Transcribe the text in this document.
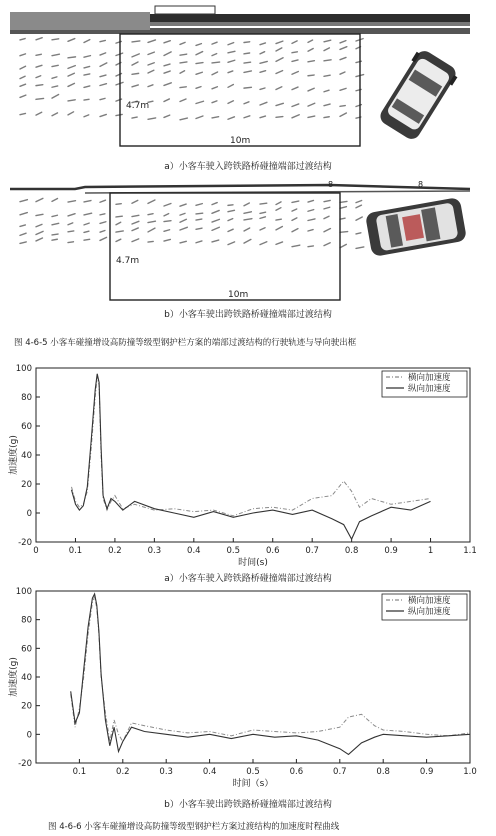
4.7m
10m
a）小客车驶入跨铁路桥碰撞端部过渡结构
8	8
4.7m
10m
b）小客车驶出跨铁路桥碰撞端部过渡结构
图 4-6-5 小客车碰撞增设高防撞等级型钢护栏方案的端部过渡结构的行驶轨迹与导向驶出框
0	0.1	0.2	0.3	0.4	0.5	0.6	0.7	0.8	0.9	1	1.1
-20
0
20
40
60
80
100
时间(s)
加速度(g)
横向加速度
纵向加速度
a）小客车驶入跨铁路桥碰撞端部过渡结构
0.1	0.2	0.3	0.4	0.5	0.6	0.7	0.8	0.9	1.0
-20
0
20
40
60
80
100
时间（s）
加速度(g)
横向加速度
纵向加速度
b）小客车驶出跨铁路桥碰撞端部过渡结构
图 4-6-6 小客车碰撞增设高防撞等级型钢护栏方案过渡结构的加速度时程曲线
